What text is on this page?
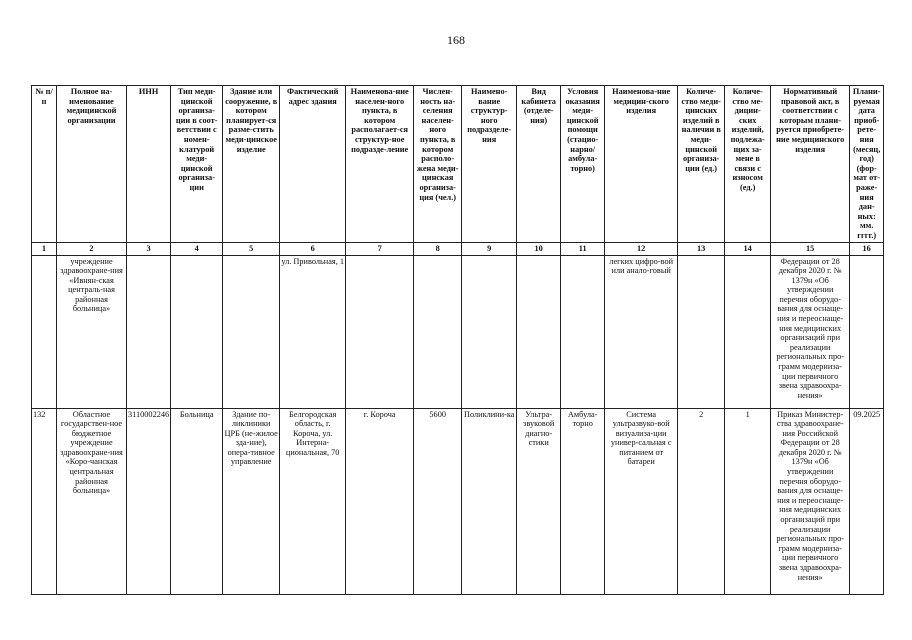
168
№ п/п	Полное на-именование медицинской организации	ИНН	Тип меди-цинской организа-ции в соот-ветствии с номен-клатурой меди-цинской организа-ции	Здание или сооружение, в котором планирует-ся разме-стить меди-цинское изделие	Фактический адрес здания	Наименова-ние населен-ного пункта, в котором располагает-ся структур-ное подразде-ление	Числен-ность на-селения населен-ного пункта, в котором располо-жена меди-цинская организа-ция (чел.)	Наимено-вание структур-ного подразделе-ния	Вид кабинета (отделе-ния)	Условия оказания меди-цинской помощи (стацио-нарно/ амбула-торно)	Наименова-ние медицин-ского изделия	Количе-ство меди-цинских изделий в наличии в меди-цинской организа-ции (ед.)	Количе-ство ме-дицин-ских изделий, подлежа-щих за-мене в связи с износом (ед.)	Нормативный правовой акт, в соответствии с которым плани-руется приобрете-ние медицинского изделия	Плани-руемая дата приоб-рете-ния (месяц, год) (фор-мат от-раже-ния дан-ных: мм. гггг.)
1	2	3	4	5	6	7	8	9	10	11	12	13	14	15	16
	учреждение здравоохране-ния «Ивнян-ская централь-ная районная больница»				ул. Привольная, 1						легких цифро-вой или анало-говый			Федерации от 28 декабря 2020 г. № 1379н «Об утверждении перечня оборудо-вания для оснаще-ния и переоснаще-ния медицинских организаций при реализации региональных про-грамм модерниза-ции первичного звена здравоохра-нения»	
132	Областное государствен-ное бюджетное учреждение здравоохране-ния «Коро-чанская центральная районная больница»	3110002246	Больница	Здание по-ликлиники ЦРБ (не-жилое зда-ние), опера-тивное управление	Белгородская область, г. Короча, ул. Интерна-циональная, 70	г. Короча	5600	Поликлини-ка	Ультра-звуковой диагно-стики	Амбула-торно	Система ультразвуко-вой визуализа-ции универ-сальная с питанием от батареи	2	1	Приказ Министер-ства здравоохране-ния Российской Федерации от 28 декабря 2020 г. № 1379н «Об утверждении перечня оборудо-вания для оснаще-ния и переоснаще-ния медицинских организаций при реализации региональных про-грамм модерниза-ции первичного звена здравоохра-нения»	09.2025
